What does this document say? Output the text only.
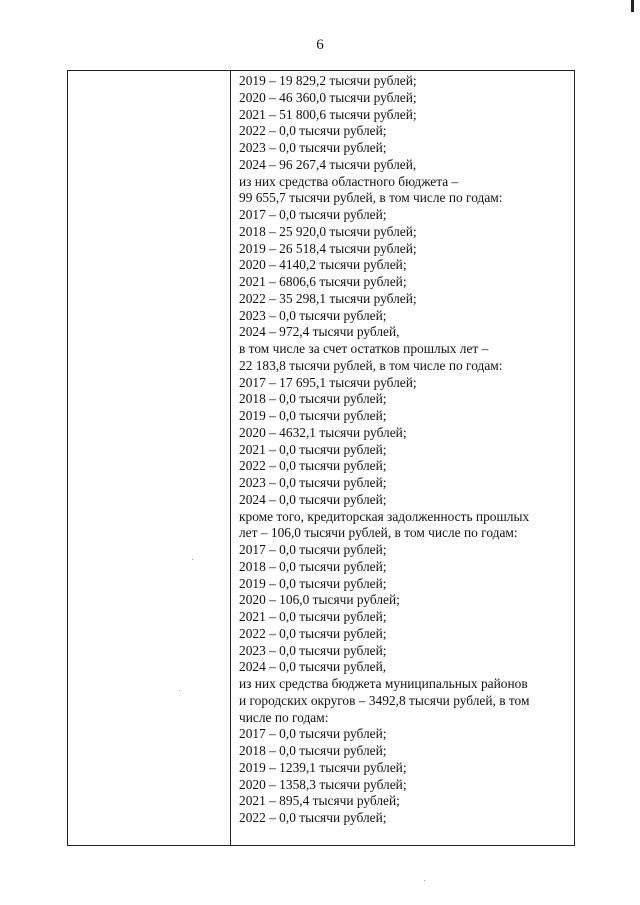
6
2019 – 19 829,2 тысячи рублей;
2020 – 46 360,0 тысячи рублей;
2021 – 51 800,6 тысячи рублей;
2022 – 0,0 тысячи рублей;
2023 – 0,0 тысячи рублей;
2024 – 96 267,4 тысячи рублей,
из них средства областного бюджета –
99 655,7 тысячи рублей, в том числе по годам:
2017 – 0,0 тысячи рублей;
2018 – 25 920,0 тысячи рублей;
2019 – 26 518,4 тысячи рублей;
2020 – 4140,2 тысячи рублей;
2021 – 6806,6 тысячи рублей;
2022 – 35 298,1 тысячи рублей;
2023 – 0,0 тысячи рублей;
2024 – 972,4 тысячи рублей,
в том числе за счет остатков прошлых лет –
22 183,8 тысячи рублей, в том числе по годам:
2017 – 17 695,1 тысячи рублей;
2018 – 0,0 тысячи рублей;
2019 – 0,0 тысячи рублей;
2020 – 4632,1 тысячи рублей;
2021 – 0,0 тысячи рублей;
2022 – 0,0 тысячи рублей;
2023 – 0,0 тысячи рублей;
2024 – 0,0 тысячи рублей;
кроме того, кредиторская задолженность прошлых
лет – 106,0 тысячи рублей, в том числе по годам:
2017 – 0,0 тысячи рублей;
2018 – 0,0 тысячи рублей;
2019 – 0,0 тысячи рублей;
2020 – 106,0 тысячи рублей;
2021 – 0,0 тысячи рублей;
2022 – 0,0 тысячи рублей;
2023 – 0,0 тысячи рублей;
2024 – 0,0 тысячи рублей,
из них средства бюджета муниципальных районов
и городских округов – 3492,8 тысячи рублей, в том
числе по годам:
2017 – 0,0 тысячи рублей;
2018 – 0,0 тысячи рублей;
2019 – 1239,1 тысячи рублей;
2020 – 1358,3 тысячи рублей;
2021 – 895,4 тысячи рублей;
2022 – 0,0 тысячи рублей;
